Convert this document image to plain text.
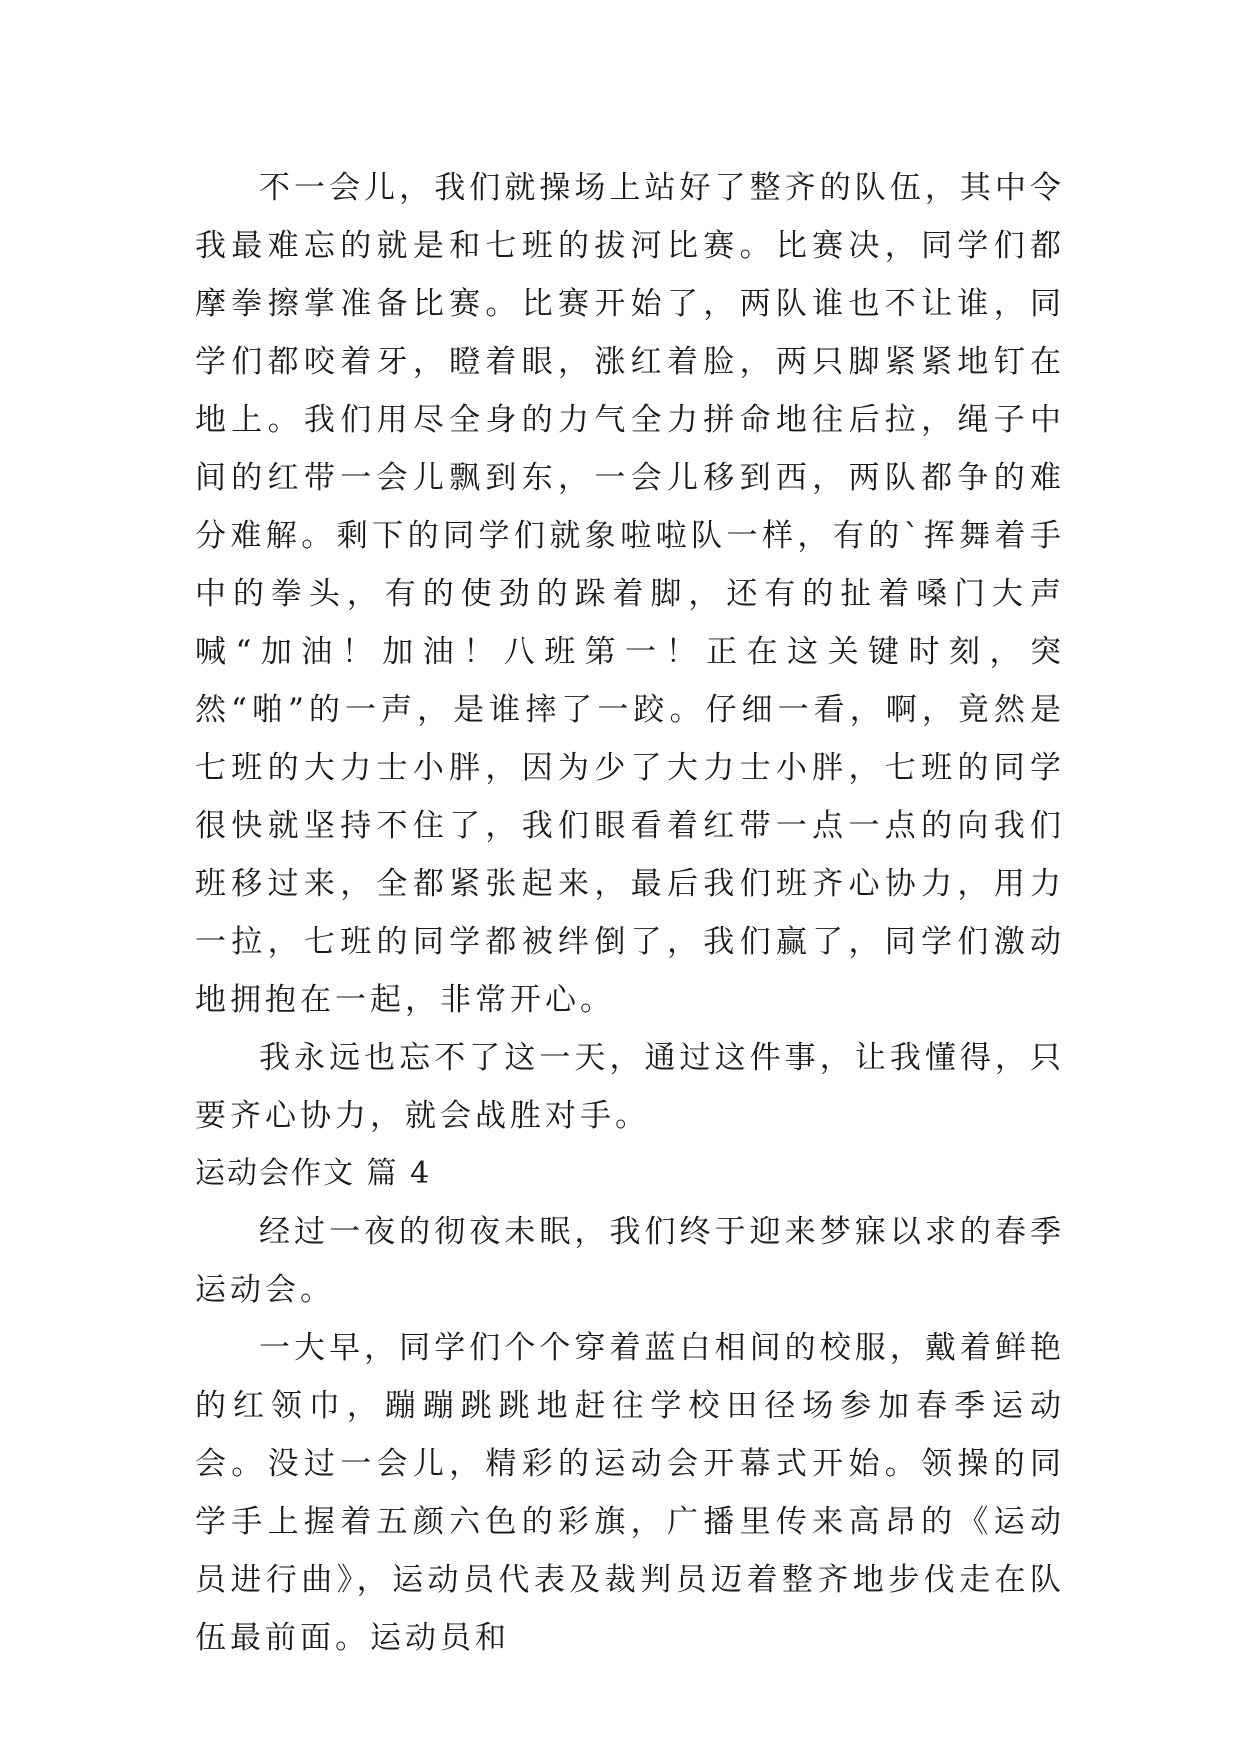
不一会儿，我们就操场上站好了整齐的队伍，其中令我最难忘的就是和七班的拔河比赛。比赛决，同学们都摩拳擦掌准备比赛。比赛开始了，两队谁也不让谁，同学们都咬着牙，瞪着眼，涨红着脸，两只脚紧紧地钉在地上。我们用尽全身的力气全力拼命地往后拉，绳子中间的红带一会儿飘到东，一会儿移到西，两队都争的难分难解。剩下的同学们就象啦啦队一样，有的`挥舞着手中的拳头，有的使劲的跺着脚，还有的扯着嗓门大声喊“加油！加油！八班第一！正在这关键时刻，突然“啪”的一声，是谁摔了一跤。仔细一看，啊，竟然是七班的大力士小胖，因为少了大力士小胖，七班的同学很快就坚持不住了，我们眼看着红带一点一点的向我们班移过来，全都紧张起来，最后我们班齐心协力，用力一拉，七班的同学都被绊倒了，我们赢了，同学们激动地拥抱在一起，非常开心。

我永远也忘不了这一天，通过这件事，让我懂得，只要齐心协力，就会战胜对手。

运动会作文 篇 4

经过一夜的彻夜未眠，我们终于迎来梦寐以求的春季运动会。

一大早，同学们个个穿着蓝白相间的校服，戴着鲜艳的红领巾，蹦蹦跳跳地赶往学校田径场参加春季运动会。没过一会儿，精彩的运动会开幕式开始。领操的同学手上握着五颜六色的彩旗，广播里传来高昂的《运动员进行曲》，运动员代表及裁判员迈着整齐地步伐走在队伍最前面。运动员和
